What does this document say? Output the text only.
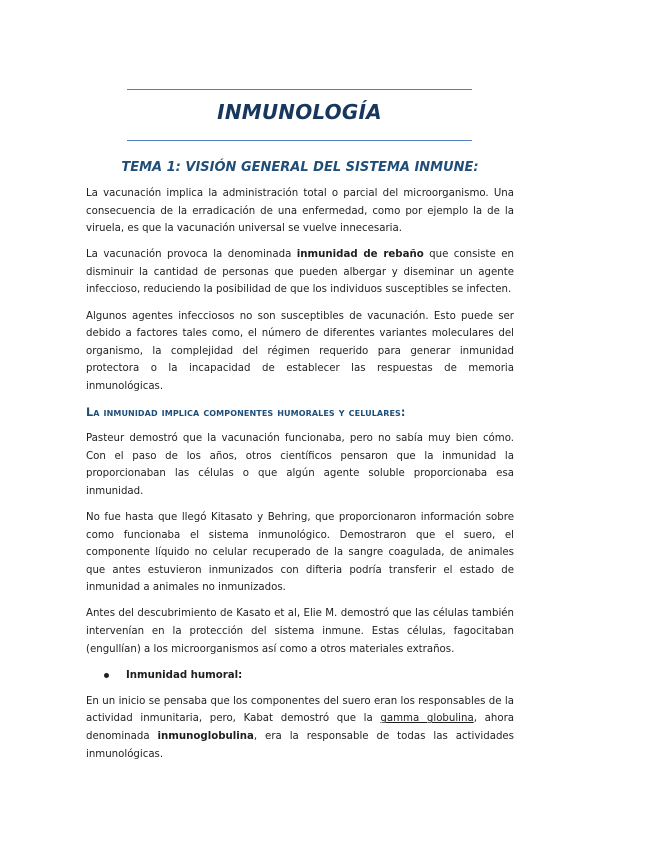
INMUNOLOGÍA
TEMA 1: VISIÓN GENERAL DEL SISTEMA INMUNE:

La vacunación implica la administración total o parcial del microorganismo. Una consecuencia de la erradicación de una enfermedad, como por ejemplo la de la viruela, es que la vacunación universal se vuelve innecesaria.

La vacunación provoca la denominada inmunidad de rebaño que consiste en disminuir la cantidad de personas que pueden albergar y diseminar un agente infeccioso, reduciendo la posibilidad de que los individuos susceptibles se infecten.

Algunos agentes infecciosos no son susceptibles de vacunación. Esto puede ser debido a factores tales como, el número de diferentes variantes moleculares del organismo, la complejidad del régimen requerido para generar inmunidad protectora o la incapacidad de establecer las respuestas de memoria inmunológicas.

La inmunidad implica componentes humorales y celulares:

Pasteur demostró que la vacunación funcionaba, pero no sabía muy bien cómo. Con el paso de los años, otros científicos pensaron que la inmunidad la proporcionaban las células o que algún agente soluble proporcionaba esa inmunidad.

No fue hasta que llegó Kitasato y Behring, que proporcionaron información sobre como funcionaba el sistema inmunológico. Demostraron que el suero, el componente líquido no celular recuperado de la sangre coagulada, de animales que antes estuvieron inmunizados con difteria podría transferir el estado de inmunidad a animales no inmunizados.

Antes del descubrimiento de Kasato et al, Elie M. demostró que las células también intervenían en la protección del sistema inmune. Estas células, fagocitaban (engullían) a los microorganismos así como a otros materiales extraños.

Inmunidad humoral:

En un inicio se pensaba que los componentes del suero eran los responsables de la actividad inmunitaria, pero, Kabat demostró que la gamma globulina, ahora denominada inmunoglobulina, era la responsable de todas las actividades inmunológicas.
